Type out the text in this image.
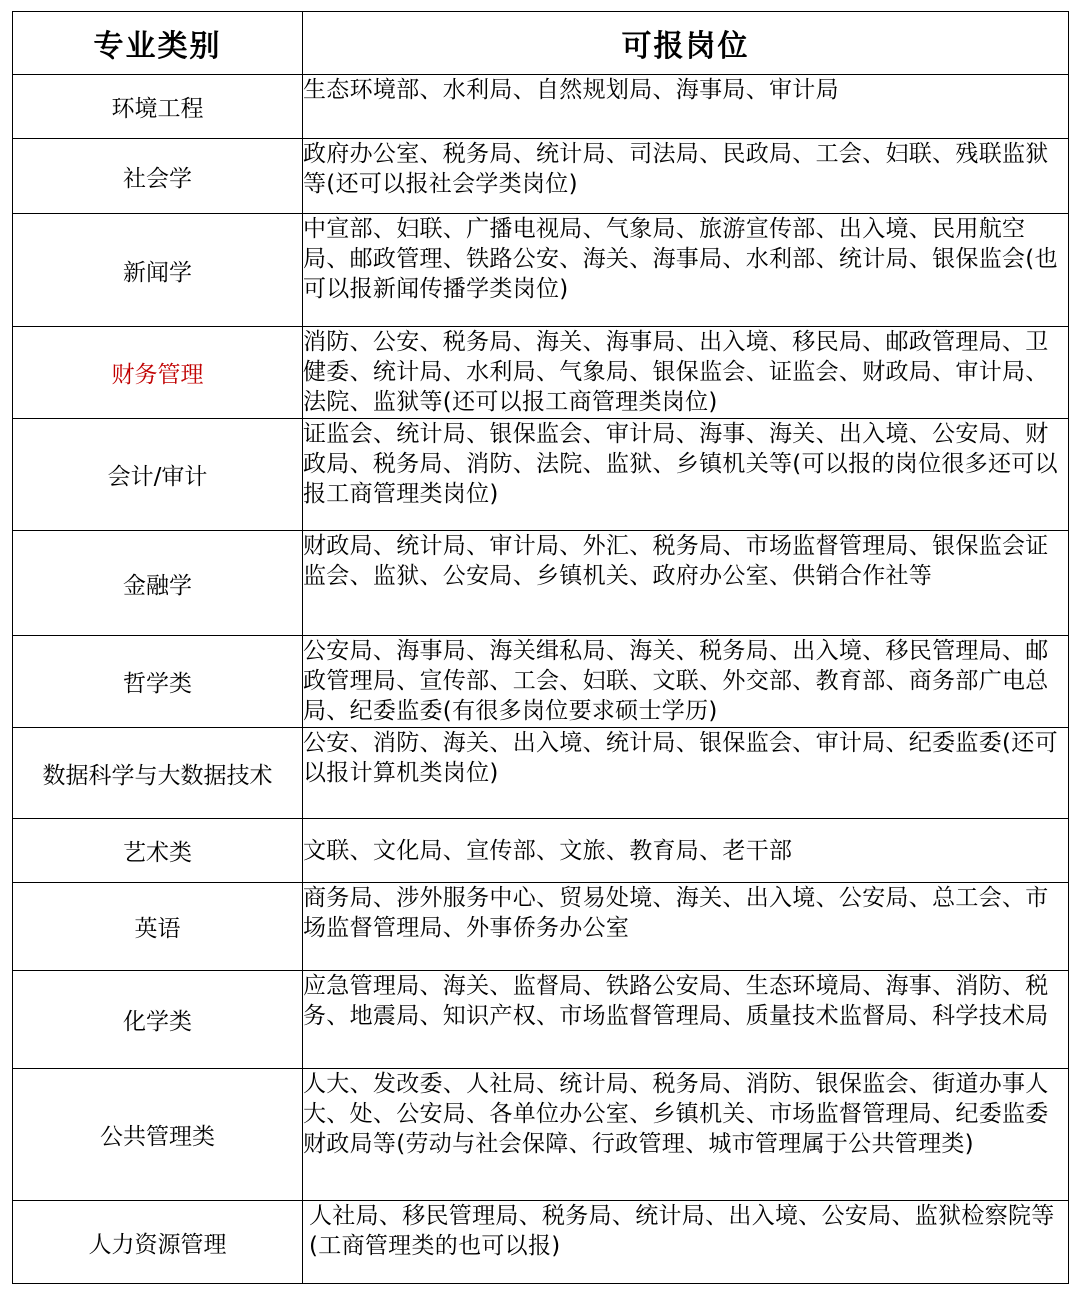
专业类别	可报岗位
环境工程	生态环境部、水利局、自然规划局、海事局、审计局
社会学	政府办公室、税务局、统计局、司法局、民政局、工会、妇联、残联监狱等(还可以报社会学类岗位)
新闻学	中宣部、妇联、广播电视局、气象局、旅游宣传部、出入境、民用航空局、邮政管理、铁路公安、海关、海事局、水利部、统计局、银保监会(也可以报新闻传播学类岗位)
财务管理	消防、公安、税务局、海关、海事局、出入境、移民局、邮政管理局、卫健委、统计局、水利局、气象局、银保监会、证监会、财政局、审计局、法院、监狱等(还可以报工商管理类岗位)
会计/审计	证监会、统计局、银保监会、审计局、海事、海关、出入境、公安局、财政局、税务局、消防、法院、监狱、乡镇机关等(可以报的岗位很多还可以报工商管理类岗位)
金融学	财政局、统计局、审计局、外汇、税务局、市场监督管理局、银保监会证监会、监狱、公安局、乡镇机关、政府办公室、供销合作社等
哲学类	公安局、海事局、海关缉私局、海关、税务局、出入境、移民管理局、邮政管理局、宣传部、工会、妇联、文联、外交部、教育部、商务部广电总局、纪委监委(有很多岗位要求硕士学历)
数据科学与大数据技术	公安、消防、海关、出入境、统计局、银保监会、审计局、纪委监委(还可以报计算机类岗位)
艺术类	文联、文化局、宣传部、文旅、教育局、老干部
英语	商务局、涉外服务中心、贸易处境、海关、出入境、公安局、总工会、市场监督管理局、外事侨务办公室
化学类	应急管理局、海关、监督局、铁路公安局、生态环境局、海事、消防、税务、地震局、知识产权、市场监督管理局、质量技术监督局、科学技术局
公共管理类	人大、发改委、人社局、统计局、税务局、消防、银保监会、街道办事人大、处、公安局、各单位办公室、乡镇机关、市场监督管理局、纪委监委财政局等(劳动与社会保障、行政管理、城市管理属于公共管理类)
人力资源管理	人社局、移民管理局、税务局、统计局、出入境、公安局、监狱检察院等(工商管理类的也可以报)
